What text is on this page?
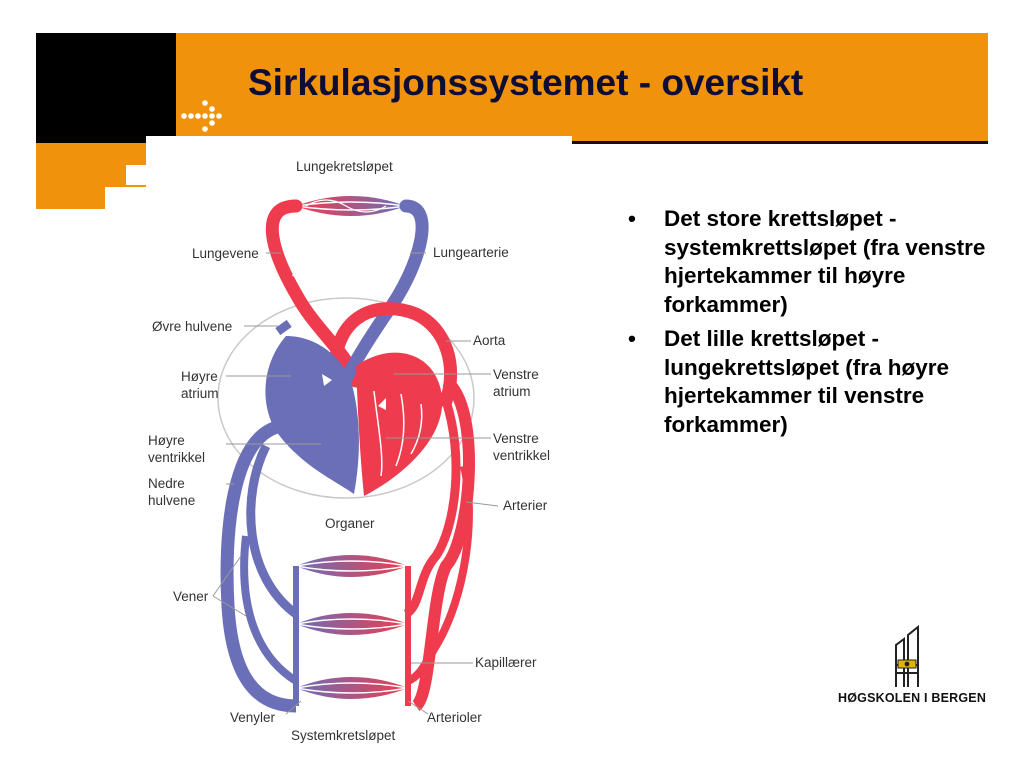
Sirkulasjonssystemet - oversikt
Lungekretsløpet
Lungevene	Lungearterie
Øvre hulvene
Aorta
Høyre
atrium
Venstre
atrium
Høyre
ventrikkel
Venstre
ventrikkel
Nedre
hulvene	Arterier
Organer
Vener
Kapillærer
Venyler	Arterioler
Systemkretsløpet
• Det store krettsløpet - systemkrettsløpet (fra venstre hjertekammer til høyre forkammer)
• Det lille krettsløpet - lungekrettsløpet (fra høyre hjertekammer til venstre forkammer)
HØGSKOLEN I BERGEN
